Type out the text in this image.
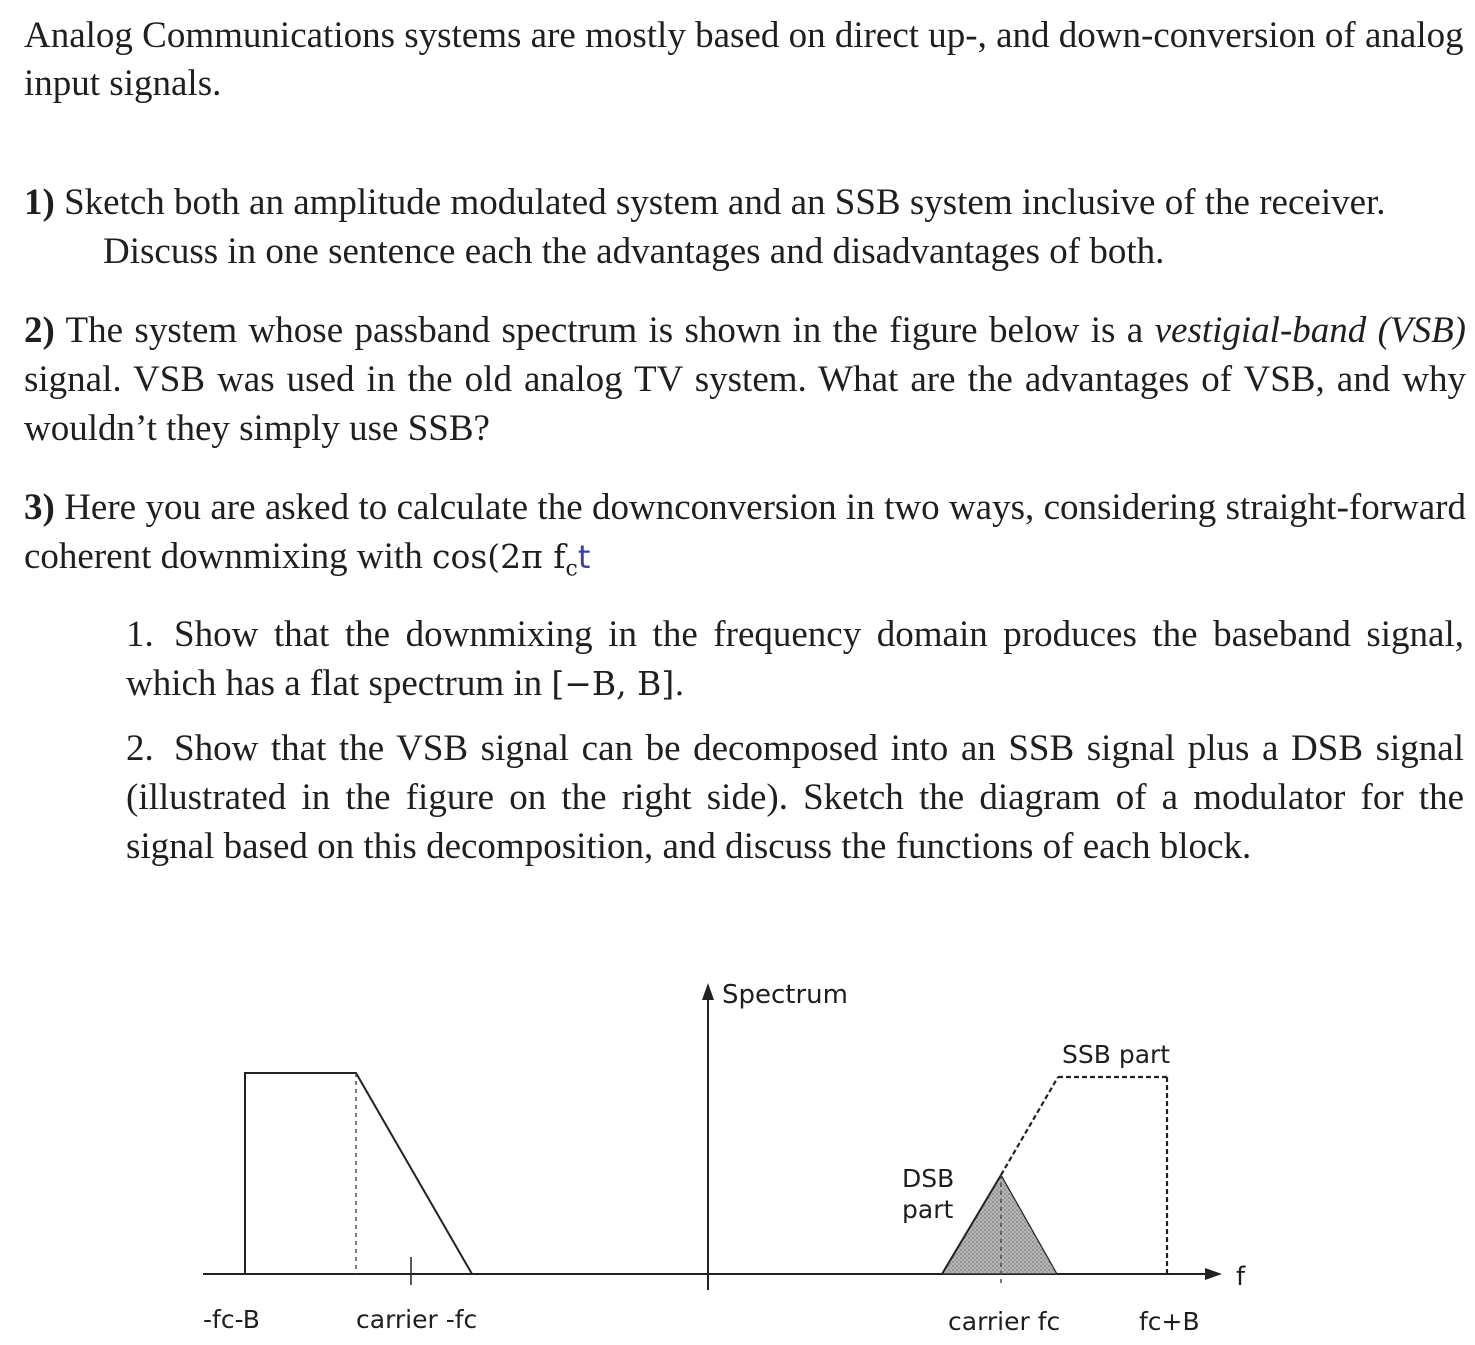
Analog Communications systems are mostly based on direct up-, and down-conversion of analog input signals.
1) Sketch both an amplitude modulated system and an SSB system inclusive of the receiver.
Discuss in one sentence each the advantages and disadvantages of both.
2) The system whose passband spectrum is shown in the figure below is a vestigial-band (VSB) signal. VSB was used in the old analog TV system. What are the advantages of VSB, and why wouldn’t they simply use SSB?
3) Here you are asked to calculate the downconversion in two ways, considering straight-forward coherent downmixing with cos(2π $f_ct$
1. Show that the downmixing in the frequency domain produces the baseband signal, which has a flat spectrum in [−B, B].
2. Show that the VSB signal can be decomposed into an SSB signal plus a DSB signal (illustrated in the figure on the right side). Sketch the diagram of a modulator for the signal based on this decomposition, and discuss the functions of each block.
Spectrum
f
SSB part
DSB
part
-fc-B	carrier -fc	carrier fc	fc+B
